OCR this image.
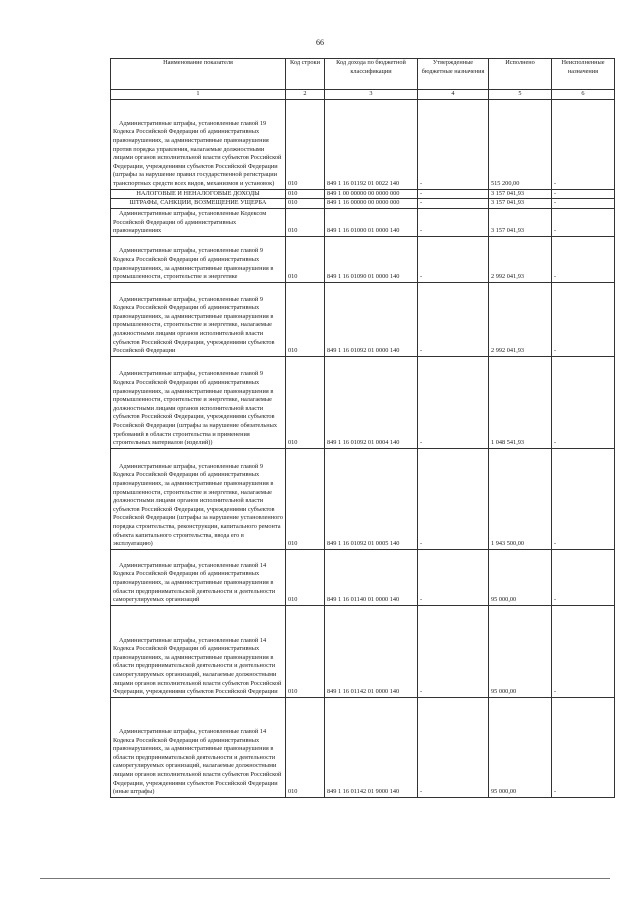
66
Наименование показателя	Код строки	Код дохода по бюджетной классификации	Утвержденные бюджетные назначения	Исполнено	Неисполненные назначения
1	2	3	4	5	6
Административные штрафы, установленные главой 19 Кодекса Российской Федерации об административных правонарушениях, за административные правонарушения против порядка управления, налагаемые должностными лицами органов исполнительной власти субъектов Российской Федерации, учреждениями субъектов Российской Федерации (штрафы за нарушение правил государственной регистрации транспортных средств всех видов, механизмов и установок)	010	849 1 16 01192 01 0022 140	-	515 200,00	-
НАЛОГОВЫЕ И НЕНАЛОГОВЫЕ ДОХОДЫ	010	849 1 00 00000 00 0000 000	-	3 157 041,93	-
ШТРАФЫ, САНКЦИИ, ВОЗМЕЩЕНИЕ УЩЕРБА	010	849 1 16 00000 00 0000 000	-	3 157 041,93	-
Административные штрафы, установленные Кодексом Российской Федерации об административных правонарушениях	010	849 1 16 01000 01 0000 140	-	3 157 041,93	-
Административные штрафы, установленные главой 9 Кодекса Российской Федерации об административных правонарушениях, за административные правонарушения в промышленности, строительстве и энергетике	010	849 1 16 01090 01 0000 140	-	2 992 041,93	-
Административные штрафы, установленные главой 9 Кодекса Российской Федерации об административных правонарушениях, за административные правонарушения в промышленности, строительстве и энергетике, налагаемые должностными лицами органов исполнительной власти субъектов Российской Федерации, учреждениями субъектов Российской Федерации	010	849 1 16 01092 01 0000 140	-	2 992 041,93	-
Административные штрафы, установленные главой 9 Кодекса Российской Федерации об административных правонарушениях, за административные правонарушения в промышленности, строительстве и энергетике, налагаемые должностными лицами органов исполнительной власти субъектов Российской Федерации, учреждениями субъектов Российской Федерации (штрафы за нарушение обязательных требований в области строительства и применения строительных материалов (изделий))	010	849 1 16 01092 01 0004 140	-	1 048 541,93	-
Административные штрафы, установленные главой 9 Кодекса Российской Федерации об административных правонарушениях, за административные правонарушения в промышленности, строительстве и энергетике, налагаемые должностными лицами органов исполнительной власти субъектов Российской Федерации, учреждениями субъектов Российской Федерации (штрафы за нарушение установленного порядка строительства, реконструкции, капитального ремонта объекта капитального строительства, ввода его в эксплуатацию)	010	849 1 16 01092 01 0005 140	-	1 943 500,00	-
Административные штрафы, установленные главой 14 Кодекса Российской Федерации об административных правонарушениях, за административные правонарушения в области предпринимательской деятельности и деятельности саморегулируемых организаций	010	849 1 16 01140 01 0000 140	-	95 000,00	-
Административные штрафы, установленные главой 14 Кодекса Российской Федерации об административных правонарушениях, за административные правонарушения в области предпринимательской деятельности и деятельности саморегулируемых организаций, налагаемые должностными лицами органов исполнительной власти субъектов Российской Федерации, учреждениями субъектов Российской Федерации	010	849 1 16 01142 01 0000 140	-	95 000,00	-
Административные штрафы, установленные главой 14 Кодекса Российской Федерации об административных правонарушениях, за административные правонарушения в области предпринимательской деятельности и деятельности саморегулируемых организаций, налагаемые должностными лицами органов исполнительной власти субъектов Российской Федерации, учреждениями субъектов Российской Федерации (иные штрафы)	010	849 1 16 01142 01 9000 140	-	95 000,00	-
